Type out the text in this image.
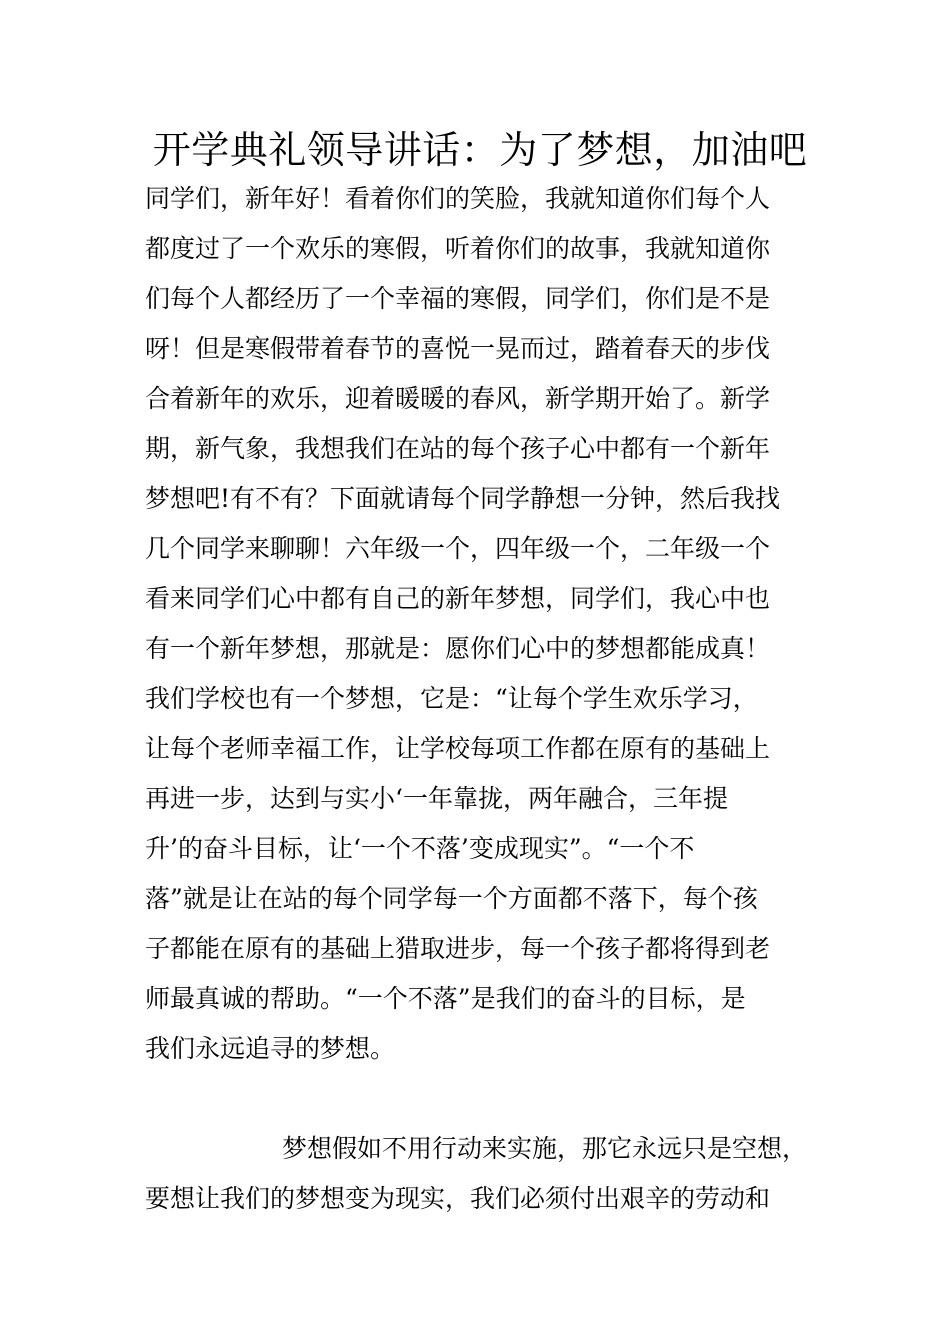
开学典礼领导讲话：为了梦想，加油吧

同学们，新年好！看着你们的笑脸，我就知道你们每个人

都度过了一个欢乐的寒假，听着你们的故事，我就知道你

们每个人都经历了一个幸福的寒假，同学们，你们是不是

呀！但是寒假带着春节的喜悦一晃而过，踏着春天的步伐

合着新年的欢乐，迎着暖暖的春风，新学期开始了。新学

期，新气象，我想我们在站的每个孩子心中都有一个新年

梦想吧!有不有？下面就请每个同学静想一分钟，然后我找

几个同学来聊聊！六年级一个，四年级一个，二年级一个

看来同学们心中都有自己的新年梦想，同学们，我心中也

有一个新年梦想，那就是：愿你们心中的梦想都能成真！

我们学校也有一个梦想，它是：“让每个学生欢乐学习，

让每个老师幸福工作，让学校每项工作都在原有的基础上

再进一步，达到与实小‘一年靠拢，两年融合，三年提

升’的奋斗目标，让‘一个不落’变成现实”。“一个不

落”就是让在站的每个同学每一个方面都不落下，每个孩

子都能在原有的基础上猎取进步，每一个孩子都将得到老

师最真诚的帮助。“一个不落”是我们的奋斗的目标，是

我们永远追寻的梦想。

梦想假如不用行动来实施，那它永远只是空想，

要想让我们的梦想变为现实，我们必须付出艰辛的劳动和
